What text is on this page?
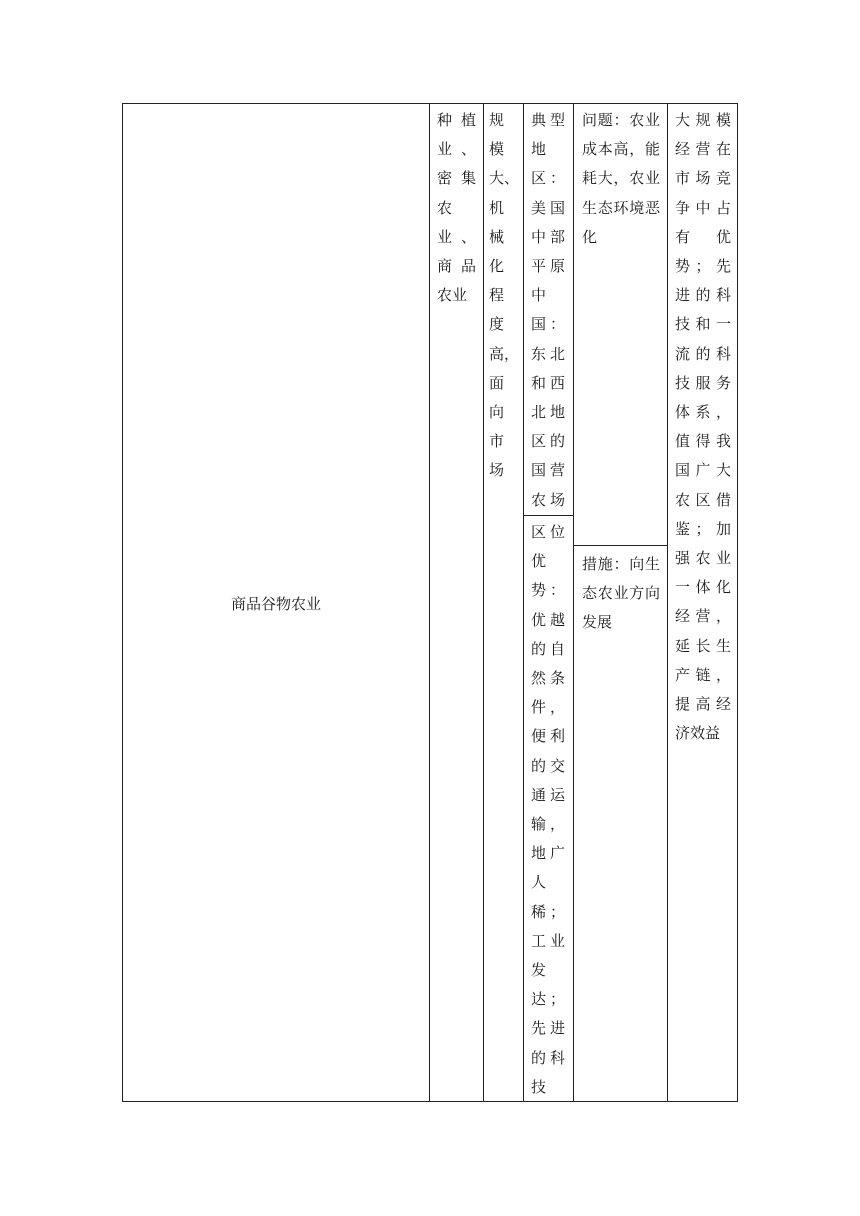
商品谷物农业
种植业、密集农业、商品农业
规模大、机械化程度高，面向市场
典型地区：美国中部平原中国：东北和西北地区的国营农场
区位优势：优越的自然条件，便利的交通运输，地广人稀；工业发达；先进的科技
问题：农业成本高，能耗大，农业生态环境恶化
措施：向生态农业方向发展
大规模经营在市场竞争中占有优势；先进的科技和一流的科技服务体系，值得我国广大农区借鉴；加强农业一体化经营，延长生产链，提高经济效益
